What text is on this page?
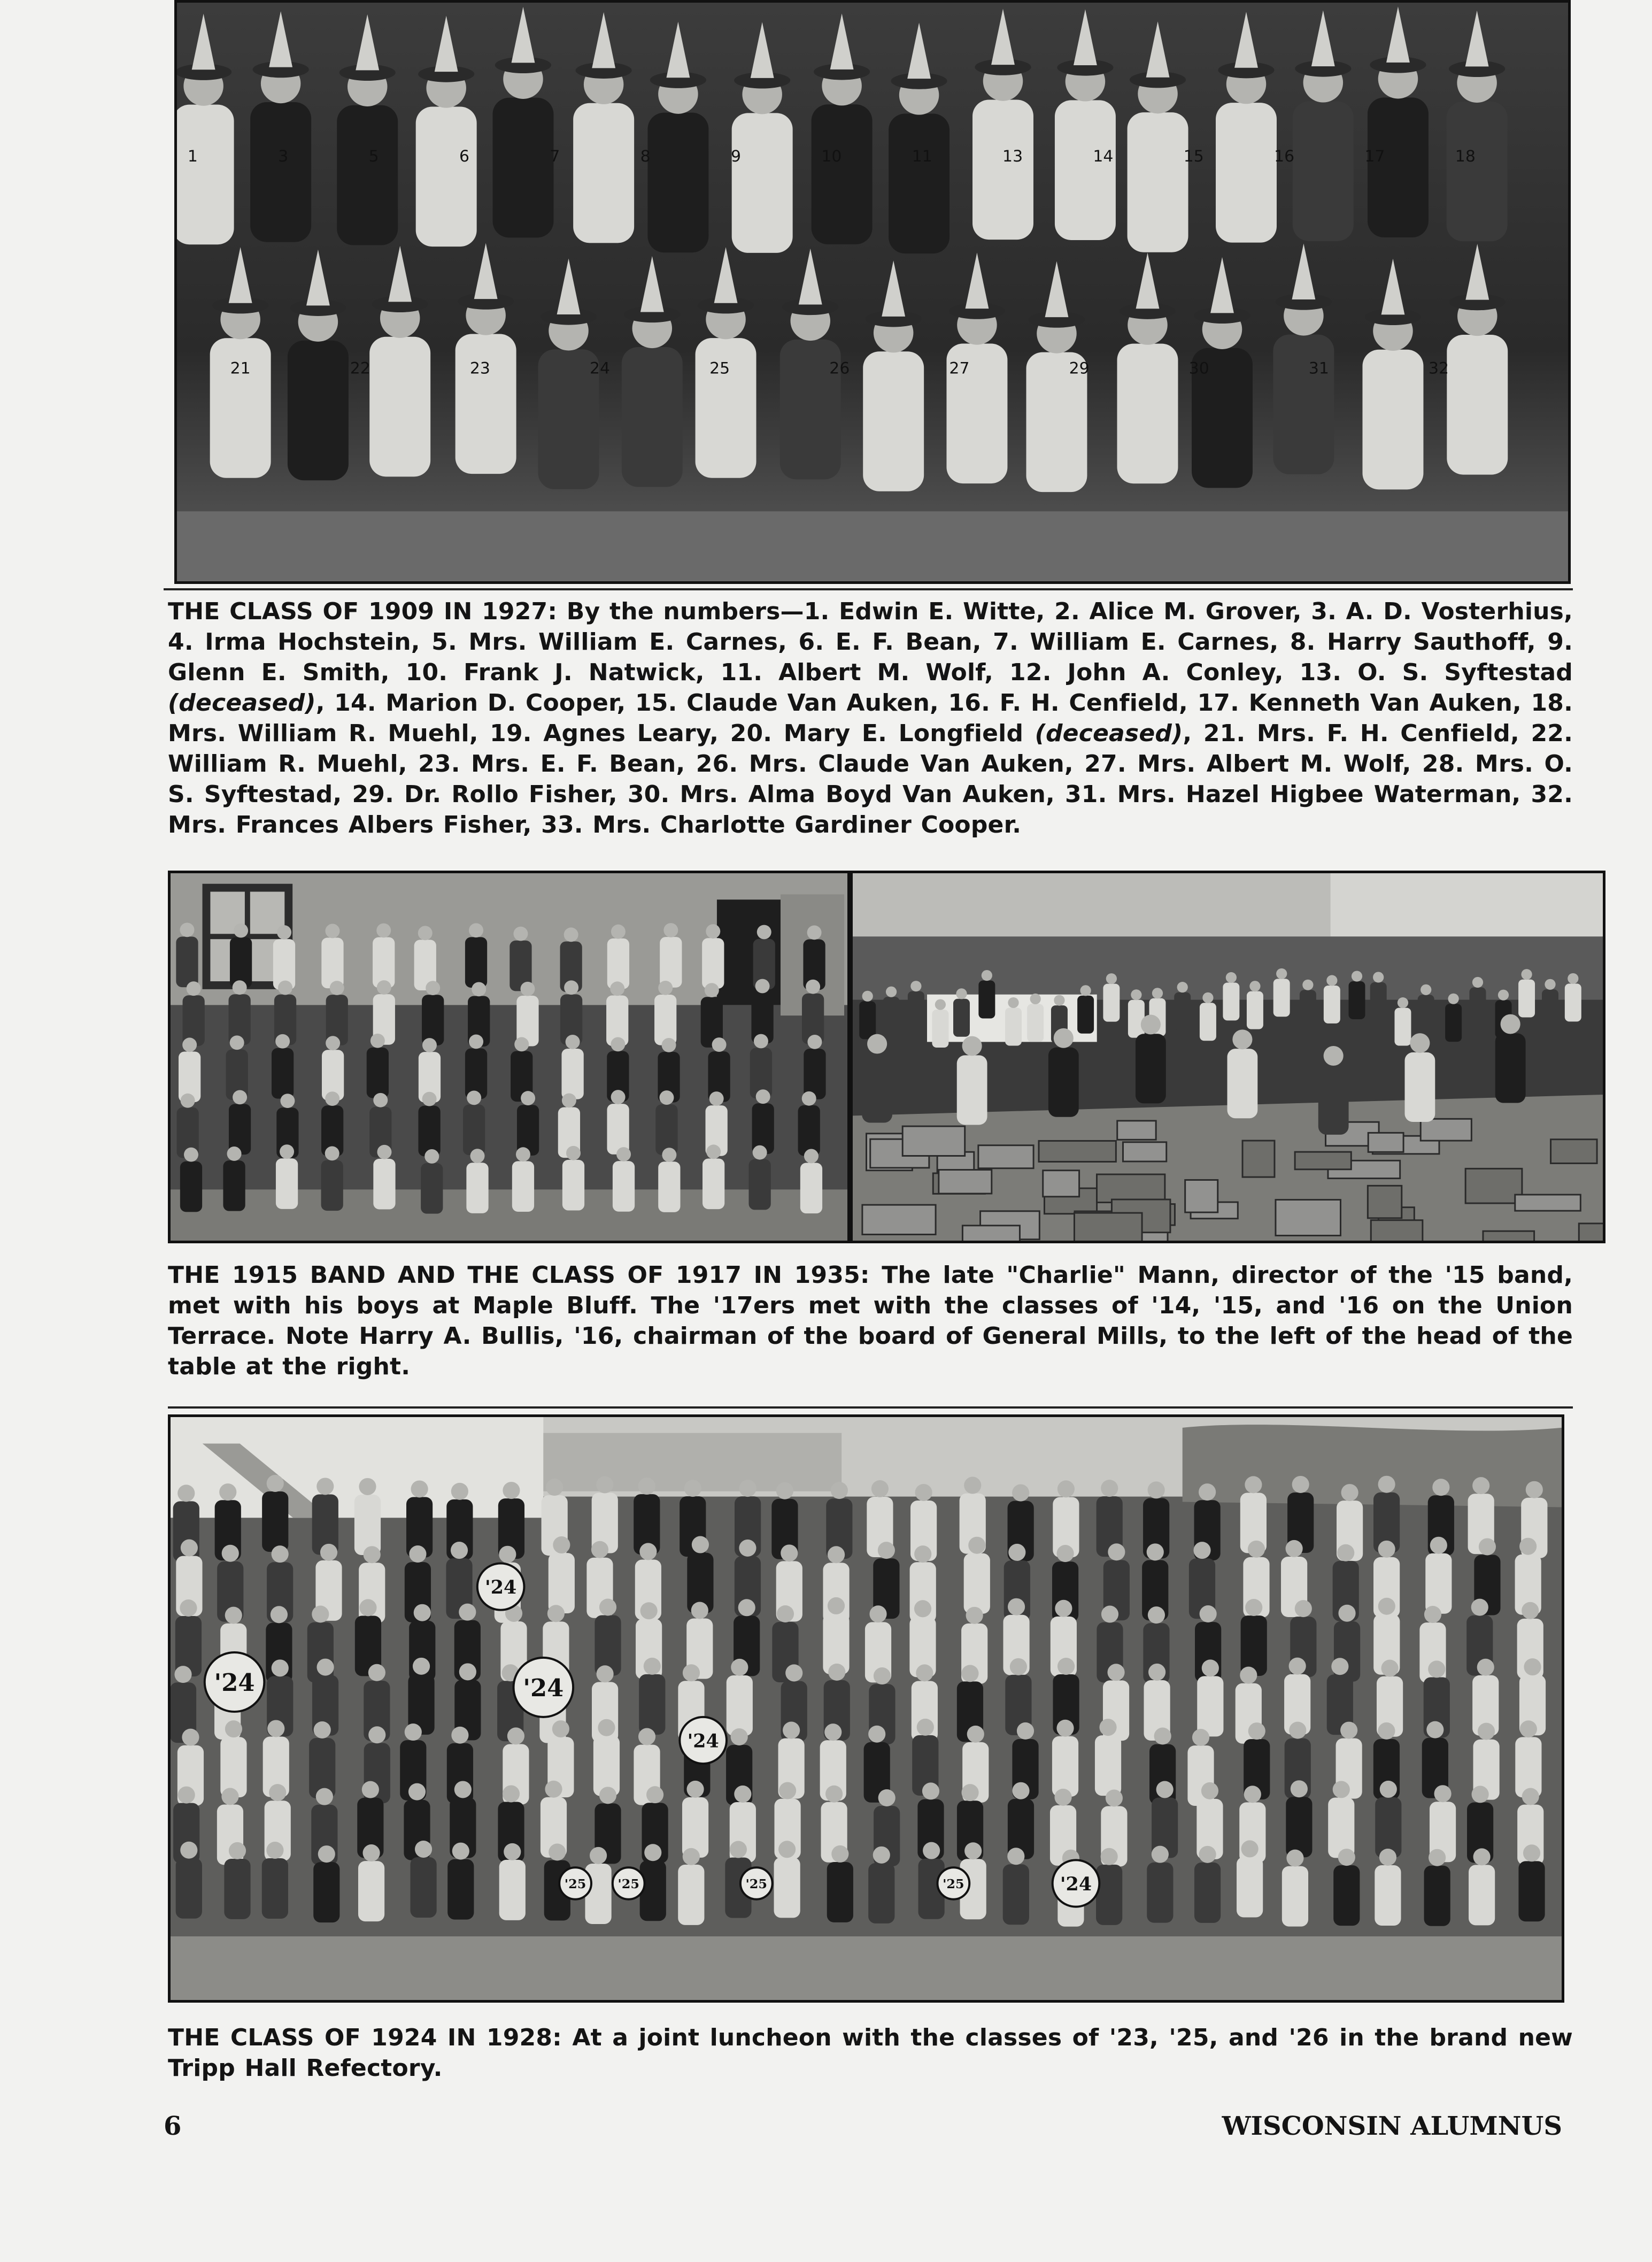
1	3	5	6	7	8	9	10	11	13	14	15	16	17	18
21	22	23	24	25	26	27	29	30	31	32
THE CLASS OF 1909 IN 1927: By the numbers—1. Edwin E. Witte, 2. Alice M. Grover, 3. A. D. Vosterhius, 4. Irma Hochstein, 5. Mrs. William E. Carnes, 6. E. F. Bean, 7. William E. Carnes, 8. Harry Sauthoff, 9. Glenn E. Smith, 10. Frank J. Natwick, 11. Albert M. Wolf, 12. John A. Conley, 13. O. S. Syftestad (deceased), 14. Marion D. Cooper, 15. Claude Van Auken, 16. F. H. Cenfield, 17. Kenneth Van Auken, 18. Mrs. William R. Muehl, 19. Agnes Leary, 20. Mary E. Longfield (deceased), 21. Mrs. F. H. Cenfield, 22. William R. Muehl, 23. Mrs. E. F. Bean, 26. Mrs. Claude Van Auken, 27. Mrs. Albert M. Wolf, 28. Mrs. O. S. Syftestad, 29. Dr. Rollo Fisher, 30. Mrs. Alma Boyd Van Auken, 31. Mrs. Hazel Higbee Waterman, 32. Mrs. Frances Albers Fisher, 33. Mrs. Charlotte Gardiner Cooper.
THE 1915 BAND AND THE CLASS OF 1917 IN 1935: The late "Charlie" Mann, director of the '15 band, met with his boys at Maple Bluff. The '17ers met with the classes of '14, '15, and '16 on the Union Terrace. Note Harry A. Bullis, '16, chairman of the board of General Mills, to the left of the head of the table at the right.
'24
'24	'24
'24
'25 '25	'25	'25	'24
THE CLASS OF 1924 IN 1928: At a joint luncheon with the classes of '23, '25, and '26 in the brand new Tripp Hall Refectory.
6	WISCONSIN ALUMNUS
